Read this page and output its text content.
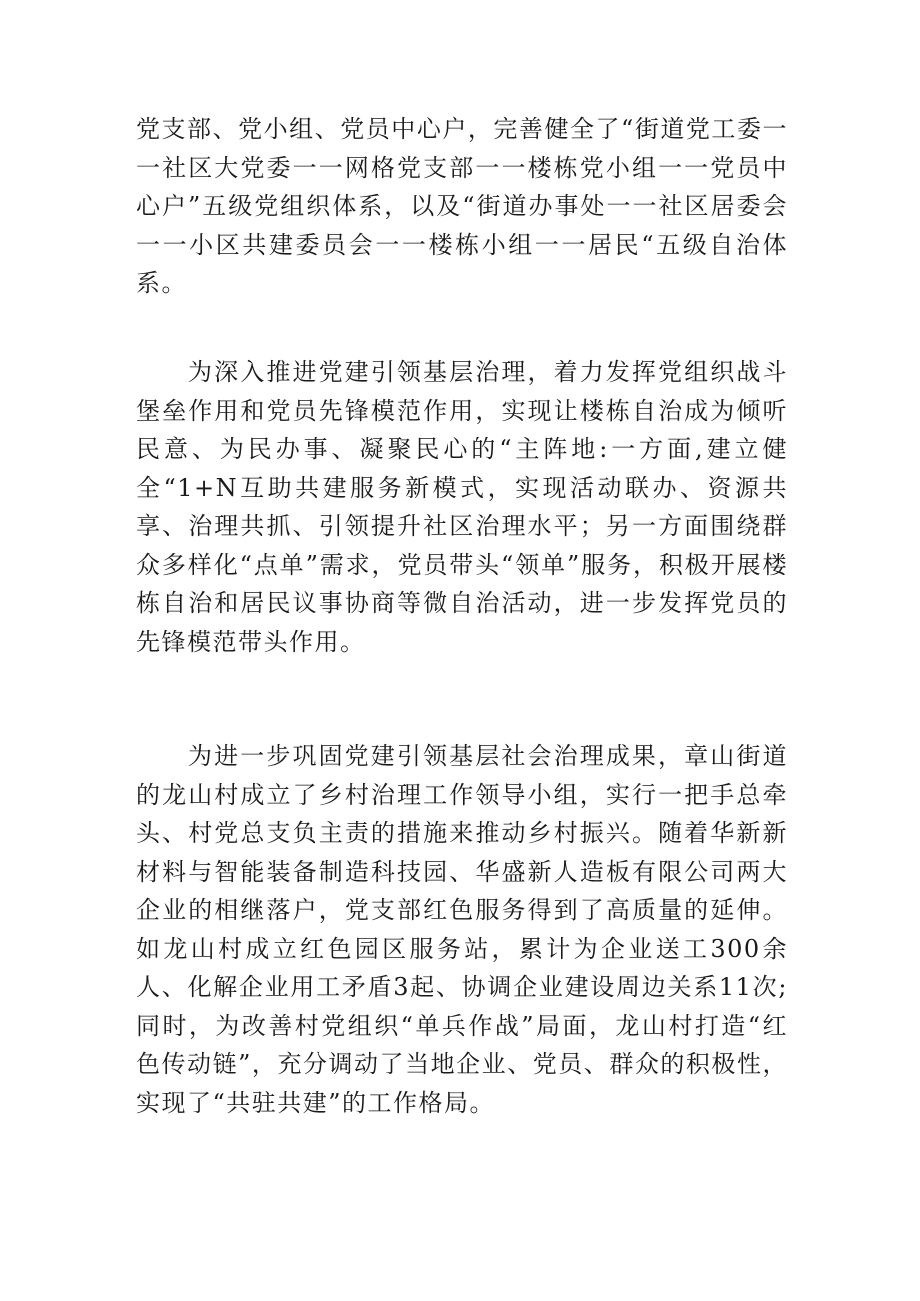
党支部、党小组、党员中心户，完善健全了“街道党工委一一社区大党委一一网格党支部一一楼栋党小组一一党员中心户”五级党组织体系，以及“街道办事处一一社区居委会一一小区共建委员会一一楼栋小组一一居民“五级自治体系。

为深入推进党建引领基层治理，着力发挥党组织战斗堡垒作用和党员先锋模范作用，实现让楼栋自治成为倾听民意、为民办事、凝聚民心的“主阵地:一方面,建立健全“1+N互助共建服务新模式，实现活动联办、资源共享、治理共抓、引领提升社区治理水平；另一方面围绕群众多样化“点单”需求，党员带头“领单”服务，积极开展楼栋自治和居民议事协商等微自治活动，进一步发挥党员的先锋模范带头作用。

为进一步巩固党建引领基层社会治理成果，章山街道的龙山村成立了乡村治理工作领导小组，实行一把手总牵头、村党总支负主责的措施来推动乡村振兴。随着华新新材料与智能装备制造科技园、华盛新人造板有限公司两大企业的相继落户，党支部红色服务得到了高质量的延伸。如龙山村成立红色园区服务站，累计为企业送工300余人、化解企业用工矛盾3起、协调企业建设周边关系11次;同时，为改善村党组织“单兵作战”局面，龙山村打造“红色传动链”，充分调动了当地企业、党员、群众的积极性，实现了“共驻共建”的工作格局。
